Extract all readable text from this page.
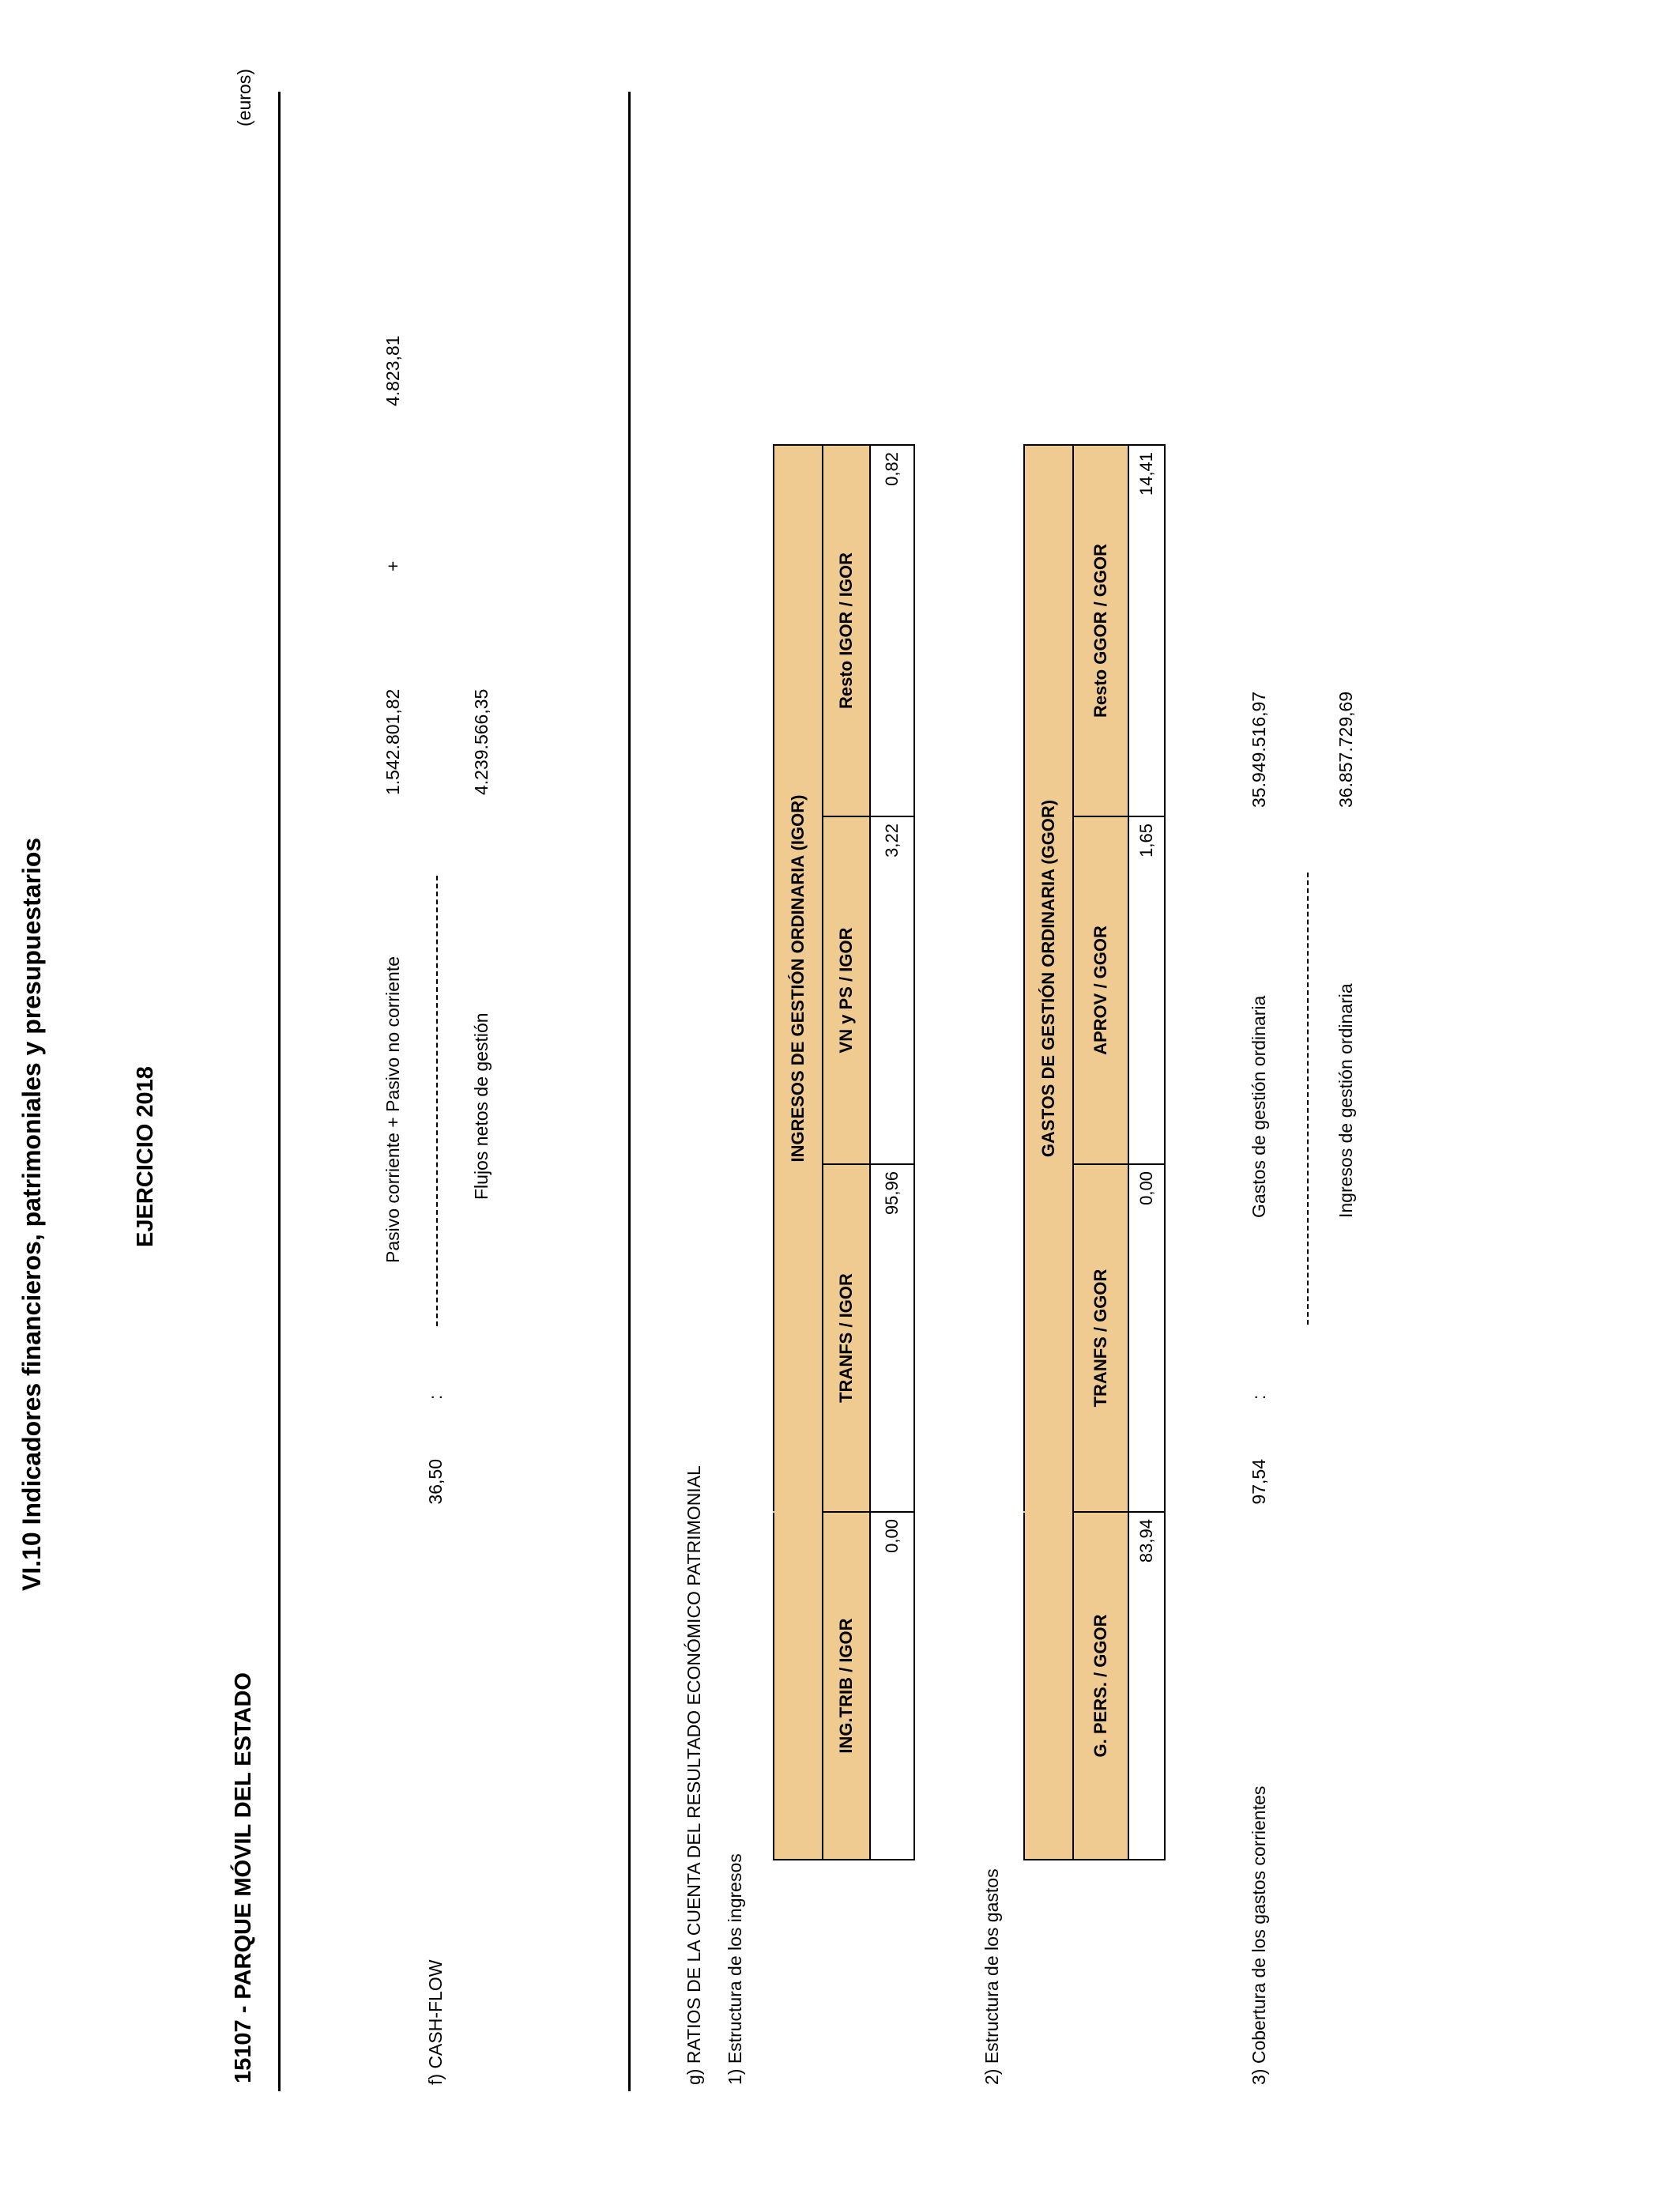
VI.10 Indicadores financieros, patrimoniales y presupuestarios	EJERCICIO 2018
15107 - PARQUE MÓVIL DEL ESTADO
(euros)
f) CASH-FLOW
36,50
:
Pasivo corriente + Pasivo no corriente
1.542.801,82
+
4.823,81
Flujos netos de gestión
4.239.566,35
g) RATIOS DE LA CUENTA DEL RESULTADO ECONÓMICO PATRIMONIAL 1) Estructura de los ingresos
	INGRESOS DE GESTIÓN ORDINARIA (IGOR)		
ING.TRIB / IGOR	TRANFS / IGOR	VN y PS / IGOR	Resto IGOR / IGOR
0,00	95,96	3,22	0,82
2) Estructura de los gastos
	GASTOS DE GESTIÓN ORDINARIA (GGOR)		
G. PERS. / GGOR	TRANFS / GGOR	APROV / GGOR	Resto GGOR / GGOR
83,94	0,00	1,65	14,41
3) Cobertura de los gastos corrientes
97,54
:
Gastos de gestión ordinaria
35.949.516,97
Ingresos de gestión ordinaria
36.857.729,69
